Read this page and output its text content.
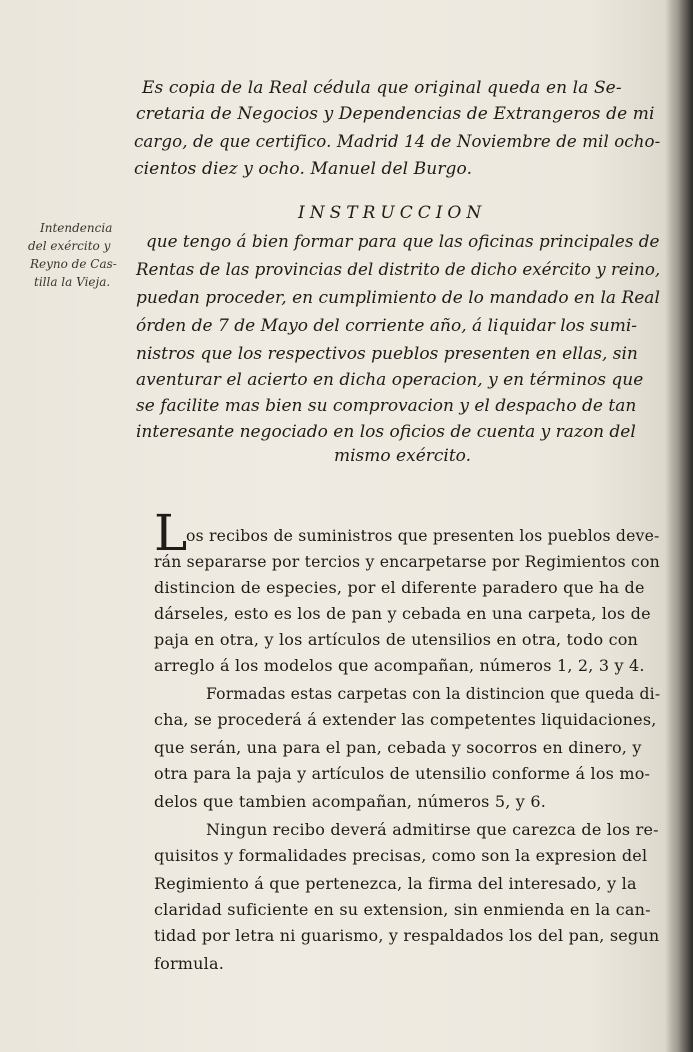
Es copia de la Real cédula que original queda en la Se-
cretaria de Negocios y Dependencias de Extrangeros de mi
cargo, de que certifico. Madrid 14 de Noviembre de mil ocho-
cientos diez y ocho. Manuel del Burgo.
Intendencia
del exército y
Reyno de Cas-
tilla la Vieja.
INSTRUCCION
que tengo á bien formar para que las oficinas principales de
Rentas de las provincias del distrito de dicho exército y reino,
puedan proceder, en cumplimiento de lo mandado en la Real
órden de 7 de Mayo del corriente año, á liquidar los sumi-
nistros que los respectivos pueblos presenten en ellas, sin
aventurar el acierto en dicha operacion, y en términos que
se facilite mas bien su comprovacion y el despacho de tan
interesante negociado en los oficios de cuenta y razon del
mismo exército.
L
os recibos de suministros que presenten los pueblos deve-
rán separarse por tercios y encarpetarse por Regimientos con
distincion de especies, por el diferente paradero que ha de
dárseles, esto es los de pan y cebada en una carpeta, los de
paja en otra, y los artículos de utensilios en otra, todo con
arreglo á los modelos que acompañan, números 1, 2, 3 y 4.
Formadas estas carpetas con la distincion que queda di-
cha, se procederá á extender las competentes liquidaciones,
que serán, una para el pan, cebada y socorros en dinero, y
otra para la paja y artículos de utensilio conforme á los mo-
delos que tambien acompañan, números 5, y 6.
Ningun recibo deverá admitirse que carezca de los re-
quisitos y formalidades precisas, como son la expresion del
Regimiento á que pertenezca, la firma del interesado, y la
claridad suficiente en su extension, sin enmienda en la can-
tidad por letra ni guarismo, y respaldados los del pan, segun
formula.
